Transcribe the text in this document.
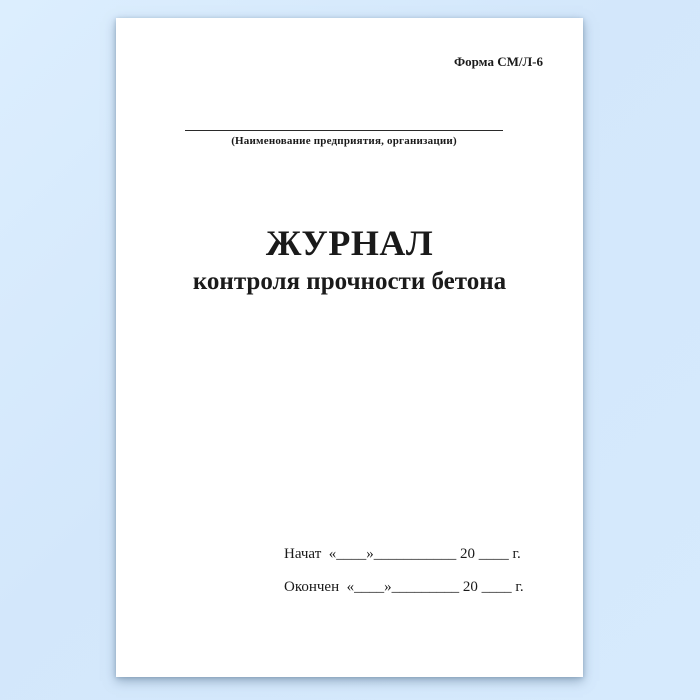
Форма СМ/Л-6
(Наименование предприятия, организации)
ЖУРНАЛ
контроля прочности бетона
Начат  «____»___________ 20 ____ г.
Окончен  «____»_________ 20 ____ г.
